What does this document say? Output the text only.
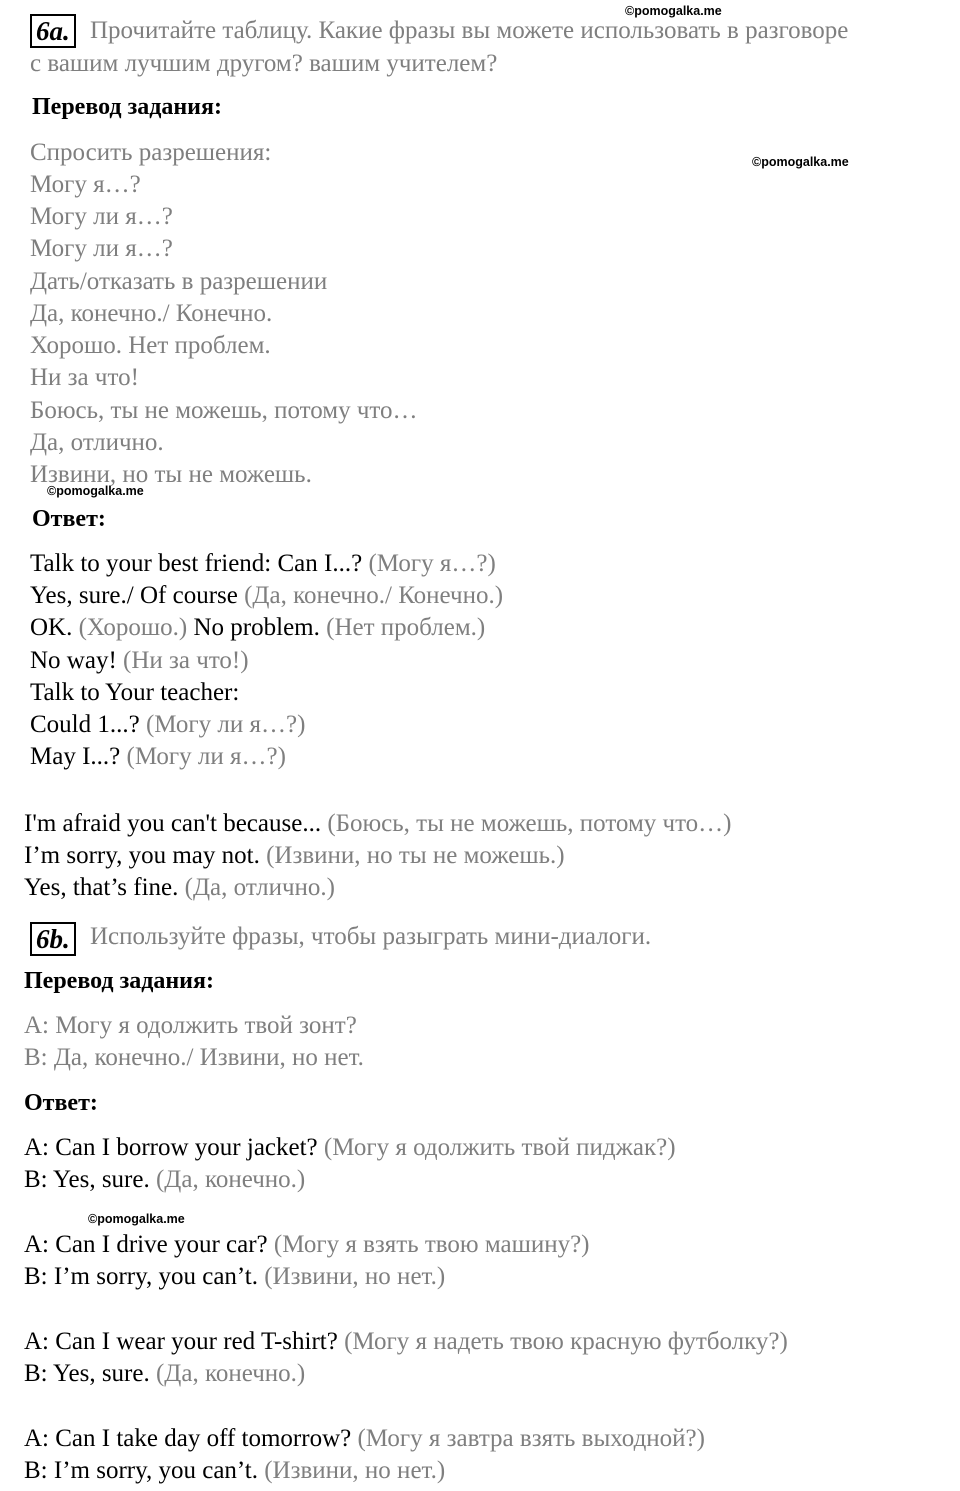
©pomogalka.me
©pomogalka.me
©pomogalka.me
©pomogalka.me
6a. Прочитайте таблицу. Какие фразы вы можете использовать в разговоре
с вашим лучшим другом? вашим учителем?
Перевод задания:
Спросить разрешения:
Могу я…?
Могу ли я…?
Могу ли я…?
Дать/отказать в разрешении
Да, конечно./ Конечно.
Хорошо. Нет проблем.
Ни за что!
Боюсь, ты не можешь, потому что…
Да, отлично.
Извини, но ты не можешь.
Ответ:
Talk to your best friend: Can I...? (Могу я…?)
Yes, sure./ Of course (Да, конечно./ Конечно.)
OK. (Хорошо.) No problem. (Нет проблем.)
No way! (Ни за что!)
Talk to Your teacher:
Could 1...? (Могу ли я…?)
May I...? (Могу ли я…?)
I'm afraid you can't because... (Боюсь, ты не можешь, потому что…)
I’m sorry, you may not. (Извини, но ты не можешь.)
Yes, that’s fine. (Да, отлично.)
6b. Используйте фразы, чтобы разыграть мини-диалоги.
Перевод задания:
A: Могу я одолжить твой зонт?
B: Да, конечно./ Извини, но нет.
Ответ:
A: Can I borrow your jacket? (Могу я одолжить твой пиджак?)
B: Yes, sure. (Да, конечно.)
A: Can I drive your car? (Могу я взять твою машину?)
B: I’m sorry, you can’t. (Извини, но нет.)
A: Can I wear your red T-shirt? (Могу я надеть твою красную футболку?)
B: Yes, sure. (Да, конечно.)
A: Can I take day off tomorrow? (Могу я завтра взять выходной?)
B: I’m sorry, you can’t. (Извини, но нет.)
